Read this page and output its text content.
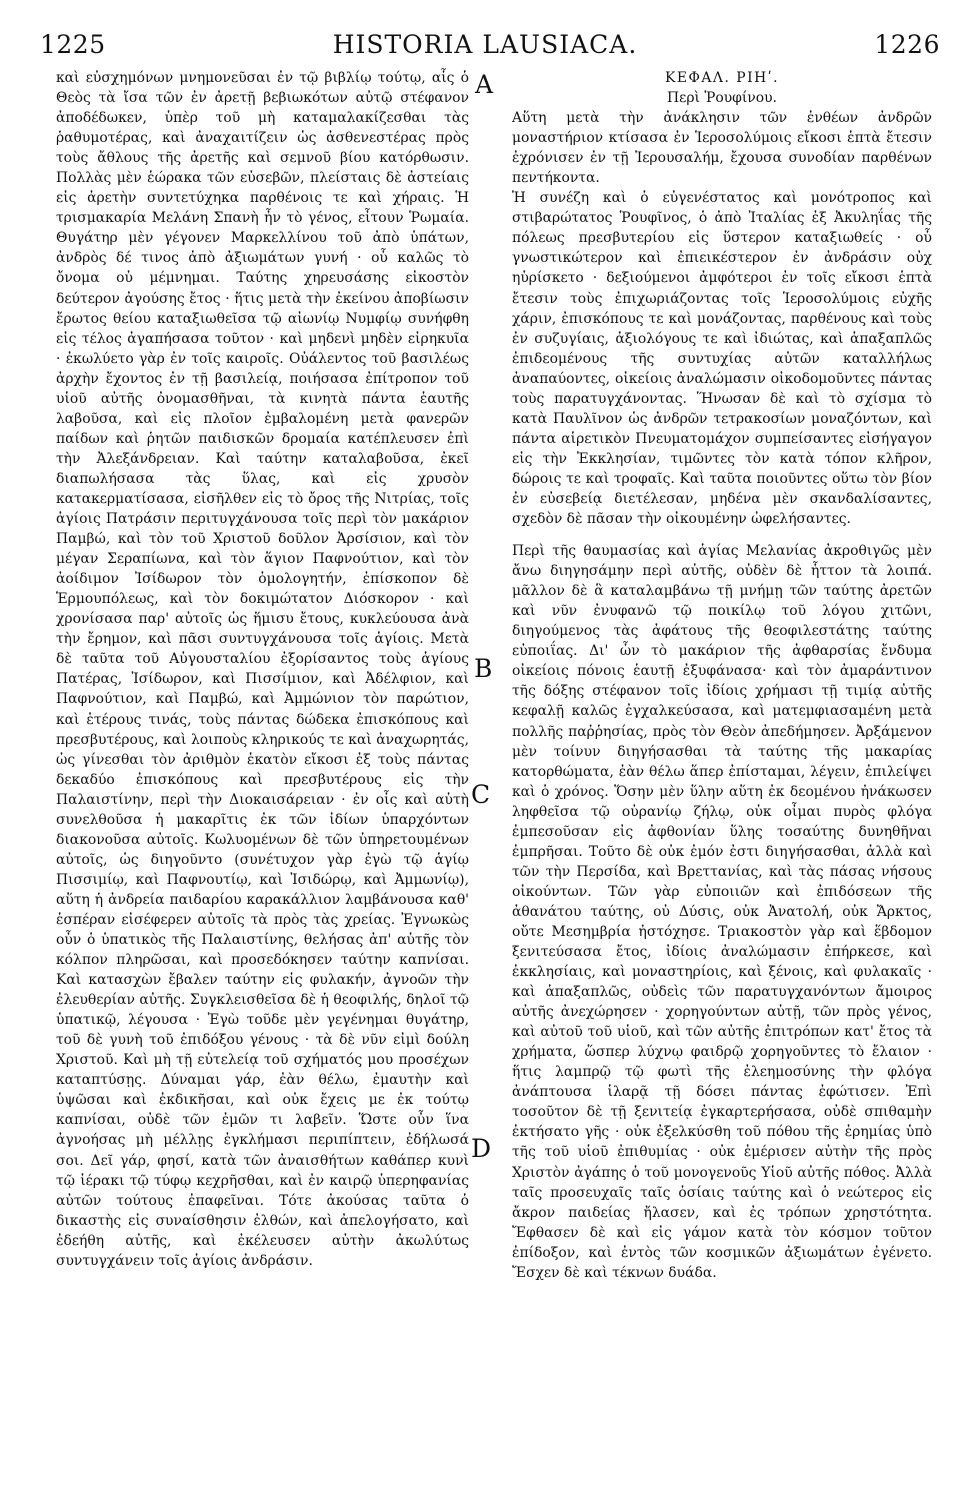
1225	HISTORIA LAUSIACA.	1226

καὶ εὐσχημόνων μνημονεῦσαι ἐν τῷ βιβλίῳ τούτῳ, αἷς ὁ Θεὸς τὰ ἴσα τῶν ἐν ἀρετῇ βεβιωκότων αὐτῷ στέφανον ἀποδέδωκεν, ὑπὲρ τοῦ μὴ καταμαλακίζεσθαι τὰς ῥαθυμοτέρας, καὶ ἀναχαιτίζειν ὡς ἀσθενεστέρας πρὸς τοὺς ἄθλους τῆς ἀρετῆς καὶ σεμνοῦ βίου κατόρθωσιν. Πολλὰς μὲν ἑώρακα τῶν εὐσεβῶν, πλείσταις δὲ ἀστείαις εἰς ἀρετὴν συντετύχηκα παρθένοις τε καὶ χήραις. Ἡ τρισμακαρία Μελάνη Σπανὴ ἦν τὸ γένος, εἶτουν Ῥωμαία. Θυγάτηρ μὲν γέγονεν Μαρκελλίνου τοῦ ἀπὸ ὑπάτων, ἀνδρὸς δέ τινος ἀπὸ ἀξιωμάτων γυνή · οὗ καλῶς τὸ ὄνομα οὐ μέμνημαι. Ταύτης χηρευσάσης εἰκοστὸν δεύτερον ἀγούσης ἔτος · ἥτις μετὰ τὴν ἐκείνου ἀποβίωσιν ἔρωτος θείου καταξιωθεῖσα τῷ αἰωνίῳ Νυμφίῳ συνήφθη εἰς τέλος ἀγαπήσασα τοῦτον · καὶ μηδενὶ μηδὲν εἰρηκυῖα · ἐκωλύετο γὰρ ἐν τοῖς καιροῖς. Οὐάλεντος τοῦ βασιλέως ἀρχὴν ἔχοντος ἐν τῇ βασιλείᾳ, ποιήσασα ἐπίτροπον τοῦ υἱοῦ αὐτῆς ὀνομασθῆναι, τὰ κινητὰ πάντα ἑαυτῆς λαβοῦσα, καὶ εἰς πλοῖον ἐμβαλομένη μετὰ φανερῶν παίδων καὶ ῥητῶν παιδισκῶν δρομαία κατέπλευσεν ἐπὶ τὴν Ἀλεξάνδρειαν. Καὶ ταύτην καταλαβοῦσα, ἐκεῖ διαπωλήσασα τὰς ὕλας, καὶ εἰς χρυσὸν κατακερματίσασα, εἰσῆλθεν εἰς τὸ ὄρος τῆς Νιτρίας, τοῖς ἁγίοις Πατράσιν περιτυγχάνουσα τοῖς περὶ τὸν μακάριον Παμβώ, καὶ τὸν τοῦ Χριστοῦ δοῦλον Ἀρσίσιον, καὶ τὸν μέγαν Σεραπίωνα, καὶ τὸν ἅγιον Παφνούτιον, καὶ τὸν ἀοίδιμον Ἰσίδωρον τὸν ὁμολογητήν, ἐπίσκοπον δὲ Ἑρμουπόλεως, καὶ τὸν δοκιμώτατον Διόσκορον · καὶ χρονίσασα παρ' αὐτοῖς ὡς ἥμισυ ἔτους, κυκλεύουσα ἀνὰ τὴν ἔρημον, καὶ πᾶσι συντυγχάνουσα τοῖς ἁγίοις. Μετὰ δὲ ταῦτα τοῦ Αὐγουσταλίου ἐξορίσαντος τοὺς ἁγίους Πατέρας, Ἰσίδωρον, καὶ Πισσίμιον, καὶ Ἀδέλφιον, καὶ Παφνούτιον, καὶ Παμβώ, καὶ Ἀμμώνιον τὸν παρώτιον, καὶ ἑτέρους τινάς, τοὺς πάντας δώδεκα ἐπισκόπους καὶ πρεσβυτέρους, καὶ λοιποὺς κληρικούς τε καὶ ἀναχωρητάς, ὡς γίνεσθαι τὸν ἀριθμὸν ἑκατὸν εἴκοσι ἐξ τοὺς πάντας δεκαδύο ἐπισκόπους καὶ πρεσβυτέρους εἰς τὴν Παλαιστίνην, περὶ τὴν Διοκαισάρειαν · ἐν οἷς καὶ αὐτὴ συνελθοῦσα ἡ μακαρῖτις ἐκ τῶν ἰδίων ὑπαρχόντων διακονοῦσα αὐτοῖς. Κωλυομένων δὲ τῶν ὑπηρετουμένων αὐτοῖς, ὡς διηγοῦντο (συνέτυχον γὰρ ἐγὼ τῷ ἁγίῳ Πισσιμίῳ, καὶ Παφνουτίῳ, καὶ Ἰσιδώρῳ, καὶ Ἀμμωνίῳ), αὕτη ἡ ἀνδρεία παιδαρίου καρακάλλιον λαμβάνουσα καθ' ἑσπέραν εἰσέφερεν αὐτοῖς τὰ πρὸς τὰς χρείας. Ἐγνωκὼς οὖν ὁ ὑπατικὸς τῆς Παλαιστίνης, θελήσας ἀπ' αὐτῆς τὸν κόλπον πληρῶσαι, καὶ προσεδόκησεν ταύτην καπνίσαι. Καὶ κατασχὼν ἔβαλεν ταύτην εἰς φυλακήν, ἀγνοῶν τὴν ἐλευθερίαν αὐτῆς. Συγκλεισθεῖσα δὲ ἡ θεοφιλής, δηλοῖ τῷ ὑπατικῷ, λέγουσα · Ἐγὼ τοῦδε μὲν γεγένημαι θυγάτηρ, τοῦ δὲ γυνὴ τοῦ ἐπιδόξου γένους · τὰ δὲ νῦν εἰμὶ δούλη Χριστοῦ. Καὶ μὴ τῇ εὐτελείᾳ τοῦ σχήματός μου προσέχων καταπτύσῃς. Δύναμαι γάρ, ἐὰν θέλω, ἐμαυτὴν καὶ ὑψῶσαι καὶ ἐκδικῆσαι, καὶ οὐκ ἔχεις με ἐκ τούτῳ καπνίσαι, οὐδὲ τῶν ἐμῶν τι λαβεῖν. Ὥστε οὖν ἵνα ἀγνοήσας μὴ μέλλῃς ἐγκλήμασι περιπίπτειν, ἐδήλωσά σοι. Δεῖ γάρ, φησί, κατὰ τῶν ἀναισθήτων καθάπερ κυνὶ τῷ ἱέρακι τῷ τύφῳ κεχρῆσθαι, καὶ ἐν καιρῷ ὑπερηφανίας αὐτῶν τούτους ἐπαφεῖναι. Τότε ἀκούσας ταῦτα ὁ δικαστὴς εἰς συναίσθησιν ἐλθών, καὶ ἀπελογήσατο, καὶ ἐδεήθη αὐτῆς, καὶ ἐκέλευσεν αὐτὴν ἀκωλύτως συντυγχάνειν τοῖς ἁγίοις ἀνδράσιν.

A
B
C
D

ΚΕΦΑΛ. ΡΙΗʹ.

Περὶ Ῥουφίνου.

Αὕτη μετὰ τὴν ἀνάκλησιν τῶν ἐνθέων ἀνδρῶν μοναστήριον κτίσασα ἐν Ἱεροσολύμοις εἴκοσι ἑπτὰ ἔτεσιν ἐχρόνισεν ἐν τῇ Ἱερουσαλήμ, ἔχουσα συνοδίαν παρθένων πεντήκοντα.

Ἡ συνέζη καὶ ὁ εὐγενέστατος καὶ μονότροπος καὶ στιβαρώτατος Ῥουφῖνος, ὁ ἀπὸ Ἰταλίας ἐξ Ἀκυληΐας τῆς πόλεως πρεσβυτερίου εἰς ὕστερον καταξιωθείς · οὗ γνωστικώτερον καὶ ἐπιεικέστερον ἐν ἀνδράσιν οὐχ ηὑρίσκετο · δεξιούμενοι ἀμφότεροι ἐν τοῖς εἴκοσι ἑπτὰ ἔτεσιν τοὺς ἐπιχωριάζοντας τοῖς Ἱεροσολύμοις εὐχῆς χάριν, ἐπισκόπους τε καὶ μονάζοντας, παρθένους καὶ τοὺς ἐν συζυγίαις, ἀξιολόγους τε καὶ ἰδιώτας, καὶ ἁπαξαπλῶς ἐπιδεομένους τῆς συντυχίας αὐτῶν καταλλήλως ἀναπαύοντες, οἰκείοις ἀναλώμασιν οἰκοδομοῦντες πάντας τοὺς παρατυγχάνοντας. Ἥνωσαν δὲ καὶ τὸ σχίσμα τὸ κατὰ Παυλῖνον ὡς ἀνδρῶν τετρακοσίων μοναζόντων, καὶ πάντα αἱρετικὸν Πνευματομάχον συμπείσαντες εἰσήγαγον εἰς τὴν Ἐκκλησίαν, τιμῶντες τὸν κατὰ τόπον κλῆρον, δώροις τε καὶ τροφαῖς. Καὶ ταῦτα ποιοῦντες οὕτω τὸν βίον ἐν εὐσεβείᾳ διετέλεσαν, μηδένα μὲν σκανδαλίσαντες, σχεδὸν δὲ πᾶσαν τὴν οἰκουμένην ὠφελήσαντες.

Περὶ τῆς θαυμασίας καὶ ἁγίας Μελανίας ἀκροθιγῶς μὲν ἄνω διηγησάμην περὶ αὐτῆς, οὐδὲν δὲ ἧττον τὰ λοιπά. μᾶλλον δὲ ἃ καταλαμβάνω τῇ μνήμῃ τῶν ταύτης ἀρετῶν καὶ νῦν ἐνυφανῶ τῷ ποικίλῳ τοῦ λόγου χιτῶνι, διηγούμενος τὰς ἀφάτους τῆς θεοφιλεστάτης ταύτης εὐποιΐας. Δι' ὧν τὸ μακάριον τῆς ἀφθαρσίας ἔνδυμα οἰκείοις πόνοις ἑαυτῇ ἐξυφάνασα· καὶ τὸν ἀμαράντινον τῆς δόξης στέφανον τοῖς ἰδίοις χρήμασι τῇ τιμίᾳ αὐτῆς κεφαλῇ καλῶς ἐγχαλκεύσασα, καὶ ματεμφιασαμένη μετὰ πολλῆς παῤῥησίας, πρὸς τὸν Θεὸν ἀπεδήμησεν. Ἀρξάμενον μὲν τοίνυν διηγήσασθαι τὰ ταύτης τῆς μακαρίας κατορθώματα, ἐὰν θέλω ἅπερ ἐπίσταμαι, λέγειν, ἐπιλείψει καὶ ὁ χρόνος. Ὅσην μὲν ὕλην αὕτη ἐκ δεομένου ἠνάκωσεν ληφθεῖσα τῷ οὐρανίῳ ζήλῳ, οὐκ οἶμαι πυρὸς φλόγα ἐμπεσοῦσαν εἰς ἀφθονίαν ὕλης τοσαύτης δυνηθῆναι ἐμπρῆσαι. Τοῦτο δὲ οὐκ ἐμόν ἐστι διηγήσασθαι, ἀλλὰ καὶ τῶν τὴν Περσίδα, καὶ Βρεττανίας, καὶ τὰς πάσας νήσους οἰκούντων. Τῶν γὰρ εὐποιιῶν καὶ ἐπιδόσεων τῆς ἀθανάτου ταύτης, οὐ Δύσις, οὐκ Ἀνατολή, οὐκ Ἄρκτος, οὔτε Μεσημβρία ἠστόχησε. Τριακοστὸν γὰρ καὶ ἕβδομον ξενιτεύσασα ἔτος, ἰδίοις ἀναλώμασιν ἐπήρκεσε, καὶ ἐκκλησίαις, καὶ μοναστηρίοις, καὶ ξένοις, καὶ φυλακαῖς · καὶ ἁπαξαπλῶς, οὐδεὶς τῶν παρατυγχανόντων ἄμοιρος αὐτῆς ἀνεχώρησεν · χορηγούντων αὐτῇ, τῶν πρὸς γένος, καὶ αὐτοῦ τοῦ υἱοῦ, καὶ τῶν αὐτῆς ἐπιτρόπων κατ' ἔτος τὰ χρήματα, ὥσπερ λύχνῳ φαιδρῷ χορηγοῦντες τὸ ἔλαιον · ἥτις λαμπρῷ τῷ φωτὶ τῆς ἐλεημοσύνης τὴν φλόγα ἀνάπτουσα ἱλαρᾷ τῇ δόσει πάντας ἐφώτισεν. Ἐπὶ τοσοῦτον δὲ τῇ ξενιτείᾳ ἐγκαρτερήσασα, οὐδὲ σπιθαμὴν ἐκτήσατο γῆς · οὐκ ἐξελκύσθη τοῦ πόθου τῆς ἐρημίας ὑπὸ τῆς τοῦ υἱοῦ ἐπιθυμίας · οὐκ ἐμέρισεν αὐτὴν τῆς πρὸς Χριστὸν ἀγάπης ὁ τοῦ μονογενοῦς Υἱοῦ αὐτῆς πόθος. Ἀλλὰ ταῖς προσευχαῖς ταῖς ὁσίαις ταύτης καὶ ὁ νεώτερος εἰς ἄκρον παιδείας ἤλασεν, καὶ ἐς τρόπων χρηστότητα. Ἔφθασεν δὲ καὶ εἰς γάμον κατὰ τὸν κόσμον τοῦτον ἐπίδοξον, καὶ ἐντὸς τῶν κοσμικῶν ἀξιωμάτων ἐγένετο. Ἔσχεν δὲ καὶ τέκνων δυάδα.
